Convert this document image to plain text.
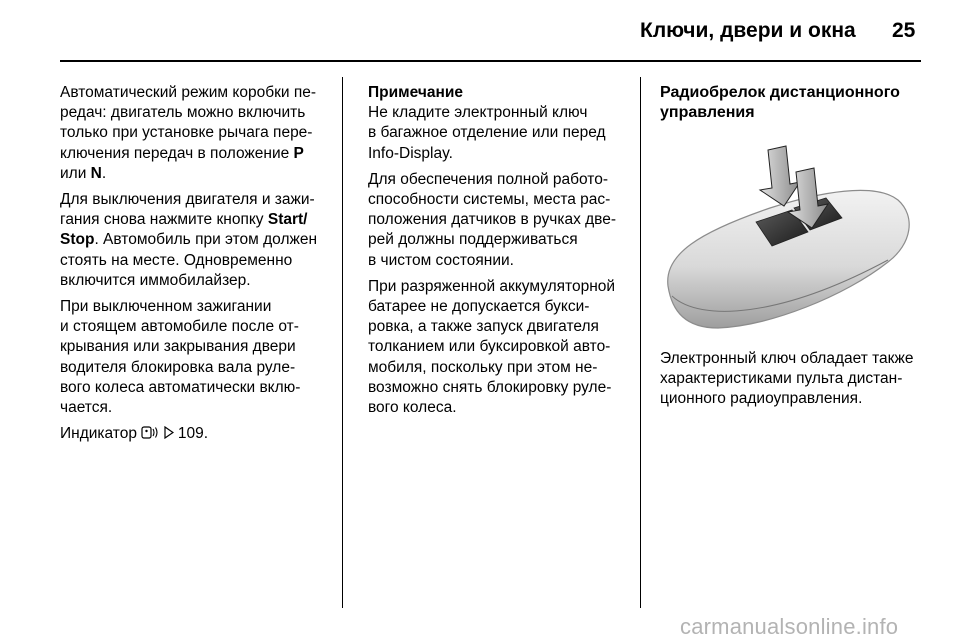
Ключи, двери и окна 25

Автоматический режим коробки пе-
редач: двигатель можно включить
только при установке рычага пере-
ключения передач в положение P
или N.

Для выключения двигателя и зажи-
гания снова нажмите кнопку Start/
Stop. Автомобиль при этом должен
стоять на месте. Одновременно
включится иммобилайзер.

При выключенном зажигании
и стоящем автомобиле после от-
крывания или закрывания двери
водителя блокировка вала руле-
вого колеса автоматически вклю-
чается.

Индикатор   109.

Примечание
Не кладите электронный ключ
в багажное отделение или перед
Info-Display.

Для обеспечения полной работо-
способности системы, места рас-
положения датчиков в ручках две-
рей должны поддерживаться
в чистом состоянии.

При разряженной аккумуляторной
батарее не допускается букси-
ровка, а также запуск двигателя
толканием или буксировкой авто-
мобиля, поскольку при этом не-
возможно снять блокировку руле-
вого колеса.

Радиобрелок дистанционного
управления
Электронный ключ обладает также
характеристиками пульта дистан-
ционного радиоуправления.
carmanualsonline.info
